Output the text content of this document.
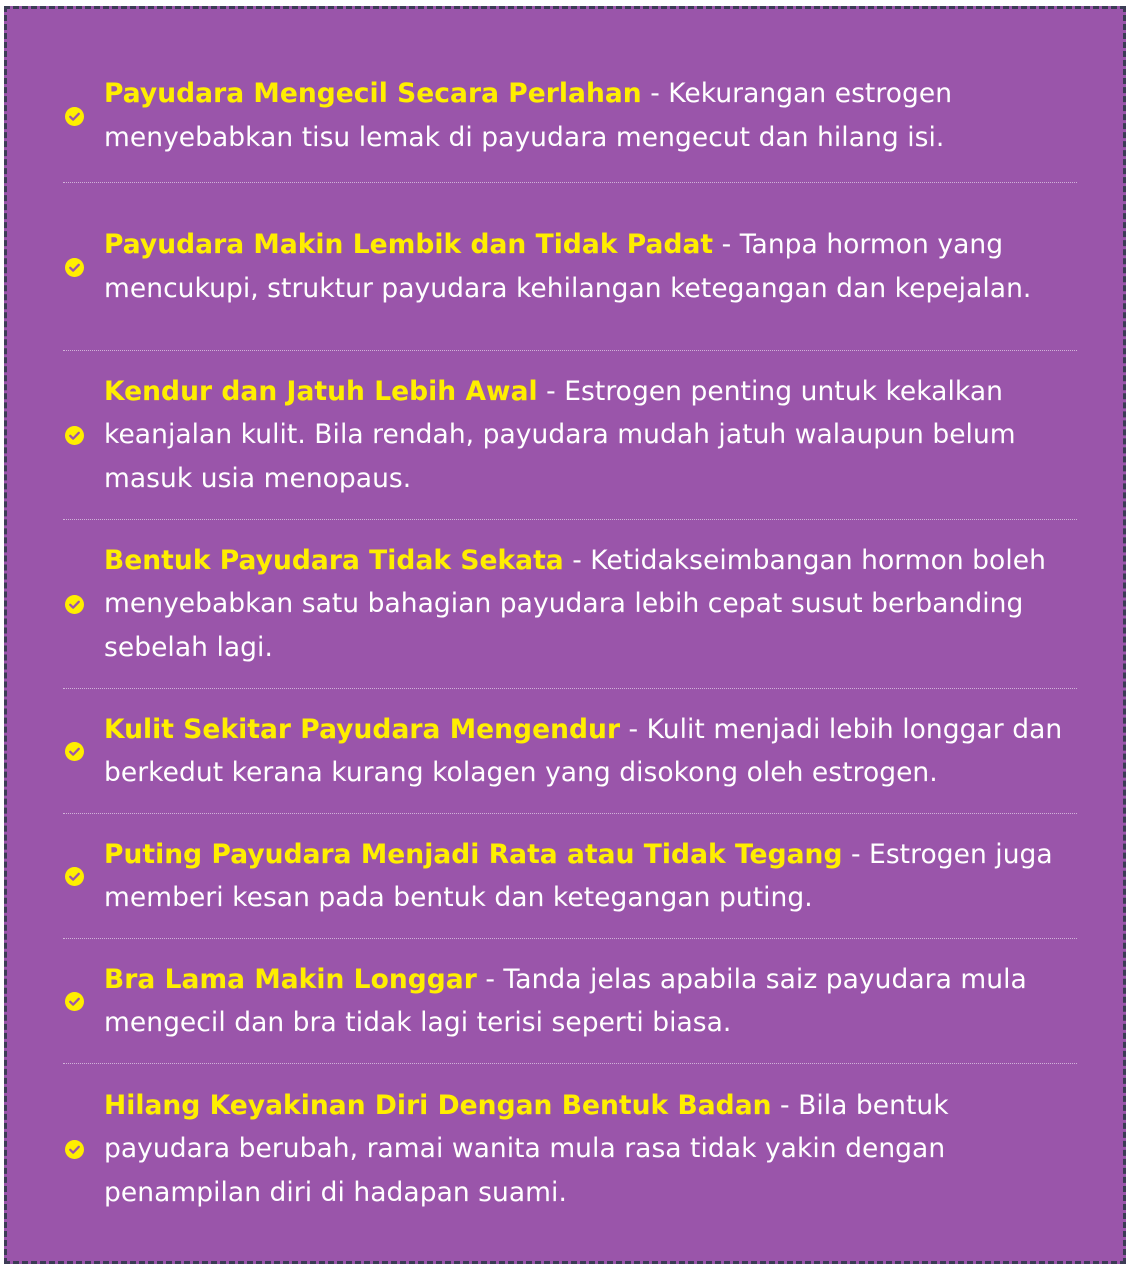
Payudara Mengecil Secara Perlahan - Kekurangan estrogen menyebabkan tisu lemak di payudara mengecut dan hilang isi.
Payudara Makin Lembik dan Tidak Padat - Tanpa hormon yang mencukupi, struktur payudara kehilangan ketegangan dan kepejalan.
Kendur dan Jatuh Lebih Awal - Estrogen penting untuk kekalkan keanjalan kulit. Bila rendah, payudara mudah jatuh walaupun belum masuk usia menopaus.
Bentuk Payudara Tidak Sekata - Ketidakseimbangan hormon boleh menyebabkan satu bahagian payudara lebih cepat susut berbanding sebelah lagi.
Kulit Sekitar Payudara Mengendur - Kulit menjadi lebih longgar dan berkedut kerana kurang kolagen yang disokong oleh estrogen.
Puting Payudara Menjadi Rata atau Tidak Tegang - Estrogen juga memberi kesan pada bentuk dan ketegangan puting.
Bra Lama Makin Longgar - Tanda jelas apabila saiz payudara mula mengecil dan bra tidak lagi terisi seperti biasa.
Hilang Keyakinan Diri Dengan Bentuk Badan - Bila bentuk payudara berubah, ramai wanita mula rasa tidak yakin dengan penampilan diri di hadapan suami.
